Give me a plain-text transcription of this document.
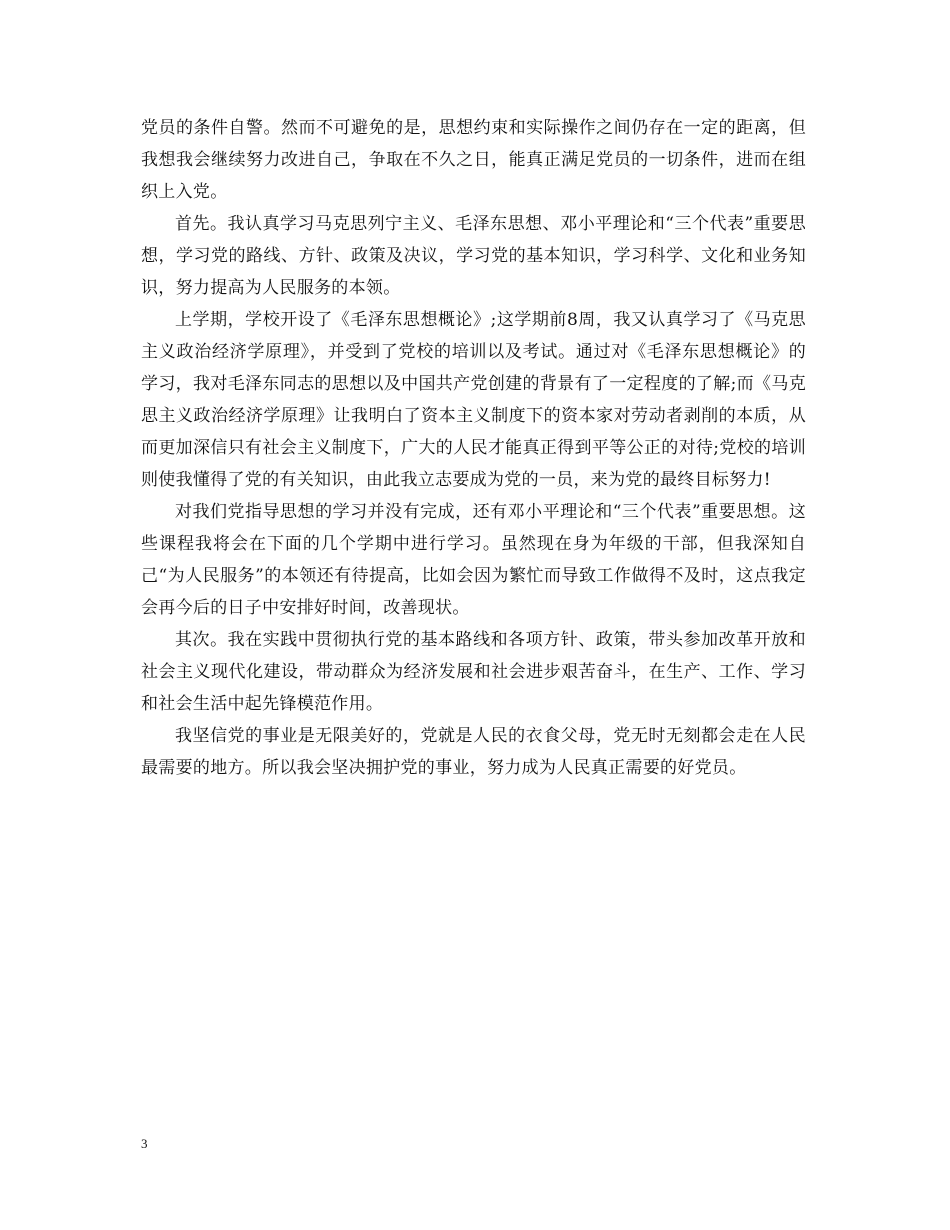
党员的条件自警。然而不可避免的是，思想约束和实际操作之间仍存在一定的距离，但我想我会继续努力改进自己，争取在不久之日，能真正满足党员的一切条件，进而在组织上入党。

首先。我认真学习马克思列宁主义、毛泽东思想、邓小平理论和“三个代表”重要思想，学习党的路线、方针、政策及决议，学习党的基本知识，学习科学、文化和业务知识，努力提高为人民服务的本领。

上学期，学校开设了《毛泽东思想概论》;这学期前8周，我又认真学习了《马克思主义政治经济学原理》，并受到了党校的培训以及考试。通过对《毛泽东思想概论》的学习，我对毛泽东同志的思想以及中国共产党创建的背景有了一定程度的了解;而《马克思主义政治经济学原理》让我明白了资本主义制度下的资本家对劳动者剥削的本质，从而更加深信只有社会主义制度下，广大的人民才能真正得到平等公正的对待;党校的培训则使我懂得了党的有关知识，由此我立志要成为党的一员，来为党的最终目标努力!

对我们党指导思想的学习并没有完成，还有邓小平理论和“三个代表”重要思想。这些课程我将会在下面的几个学期中进行学习。虽然现在身为年级的干部，但我深知自己“为人民服务”的本领还有待提高，比如会因为繁忙而导致工作做得不及时，这点我定会再今后的日子中安排好时间，改善现状。

其次。我在实践中贯彻执行党的基本路线和各项方针、政策，带头参加改革开放和社会主义现代化建设，带动群众为经济发展和社会进步艰苦奋斗，在生产、工作、学习和社会生活中起先锋模范作用。

我坚信党的事业是无限美好的，党就是人民的衣食父母，党无时无刻都会走在人民最需要的地方。所以我会坚决拥护党的事业，努力成为人民真正需要的好党员。

3
